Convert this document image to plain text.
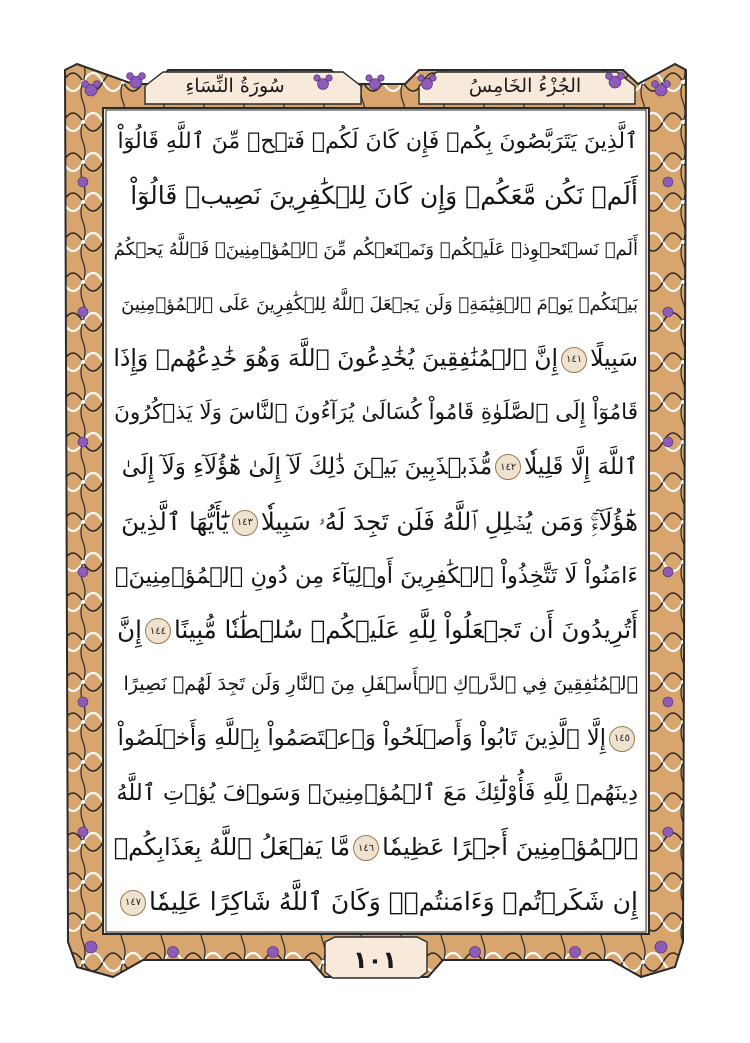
سُورَةُ النِّسَاءِ	الجُزْءُ الخَامِسُ
ٱلَّذِينَ يَتَرَبَّصُونَ بِكُمۡ فَإِن كَانَ لَكُمۡ فَتۡحٞ مِّنَ ٱللَّهِ قَالُوٓاْ
أَلَمۡ نَكُن مَّعَكُمۡ وَإِن كَانَ لِلۡكَٰفِرِينَ نَصِيبٞ قَالُوٓاْ
أَلَمۡ نَسۡتَحۡوِذۡ عَلَيۡكُمۡ وَنَمۡنَعۡكُم مِّنَ ٱلۡمُؤۡمِنِينَۚ فَٱللَّهُ يَحۡكُمُ
بَيۡنَكُمۡ يَوۡمَ ٱلۡقِيَٰمَةِۗ وَلَن يَجۡعَلَ ٱللَّهُ لِلۡكَٰفِرِينَ عَلَى ٱلۡمُؤۡمِنِينَ
سَبِيلًا١٤١إِنَّ ٱلۡمُنَٰفِقِينَ يُخَٰدِعُونَ ٱللَّهَ وَهُوَ خَٰدِعُهُمۡ وَإِذَا
قَامُوٓاْ إِلَى ٱلصَّلَوٰةِ قَامُواْ كُسَالَىٰ يُرَآءُونَ ٱلنَّاسَ وَلَا يَذۡكُرُونَ
ٱللَّهَ إِلَّا قَلِيلٗا١٤٢مُّذَبۡذَبِينَ بَيۡنَ ذَٰلِكَ لَآ إِلَىٰ هَٰٓؤُلَآءِ وَلَآ إِلَىٰ
هَٰٓؤُلَآءِۚ وَمَن يُضۡلِلِ ٱللَّهُ فَلَن تَجِدَ لَهُۥ سَبِيلٗا١٤٣يَٰٓأَيُّهَا ٱلَّذِينَ
ءَامَنُواْ لَا تَتَّخِذُواْ ٱلۡكَٰفِرِينَ أَوۡلِيَآءَ مِن دُونِ ٱلۡمُؤۡمِنِينَۚ
أَتُرِيدُونَ أَن تَجۡعَلُواْ لِلَّهِ عَلَيۡكُمۡ سُلۡطَٰنٗا مُّبِينًا١٤٤إِنَّ
ٱلۡمُنَٰفِقِينَ فِي ٱلدَّرۡكِ ٱلۡأَسۡفَلِ مِنَ ٱلنَّارِ وَلَن تَجِدَ لَهُمۡ نَصِيرًا
١٤٥إِلَّا ٱلَّذِينَ تَابُواْ وَأَصۡلَحُواْ وَٱعۡتَصَمُواْ بِٱللَّهِ وَأَخۡلَصُواْ
دِينَهُمۡ لِلَّهِ فَأُوْلَٰٓئِكَ مَعَ ٱلۡمُؤۡمِنِينَۖ وَسَوۡفَ يُؤۡتِ ٱللَّهُ
ٱلۡمُؤۡمِنِينَ أَجۡرًا عَظِيمٗا١٤٦مَّا يَفۡعَلُ ٱللَّهُ بِعَذَابِكُمۡ
إِن شَكَرۡتُمۡ وَءَامَنتُمۡۚ وَكَانَ ٱللَّهُ شَاكِرًا عَلِيمٗا١٤٧
١٠١
